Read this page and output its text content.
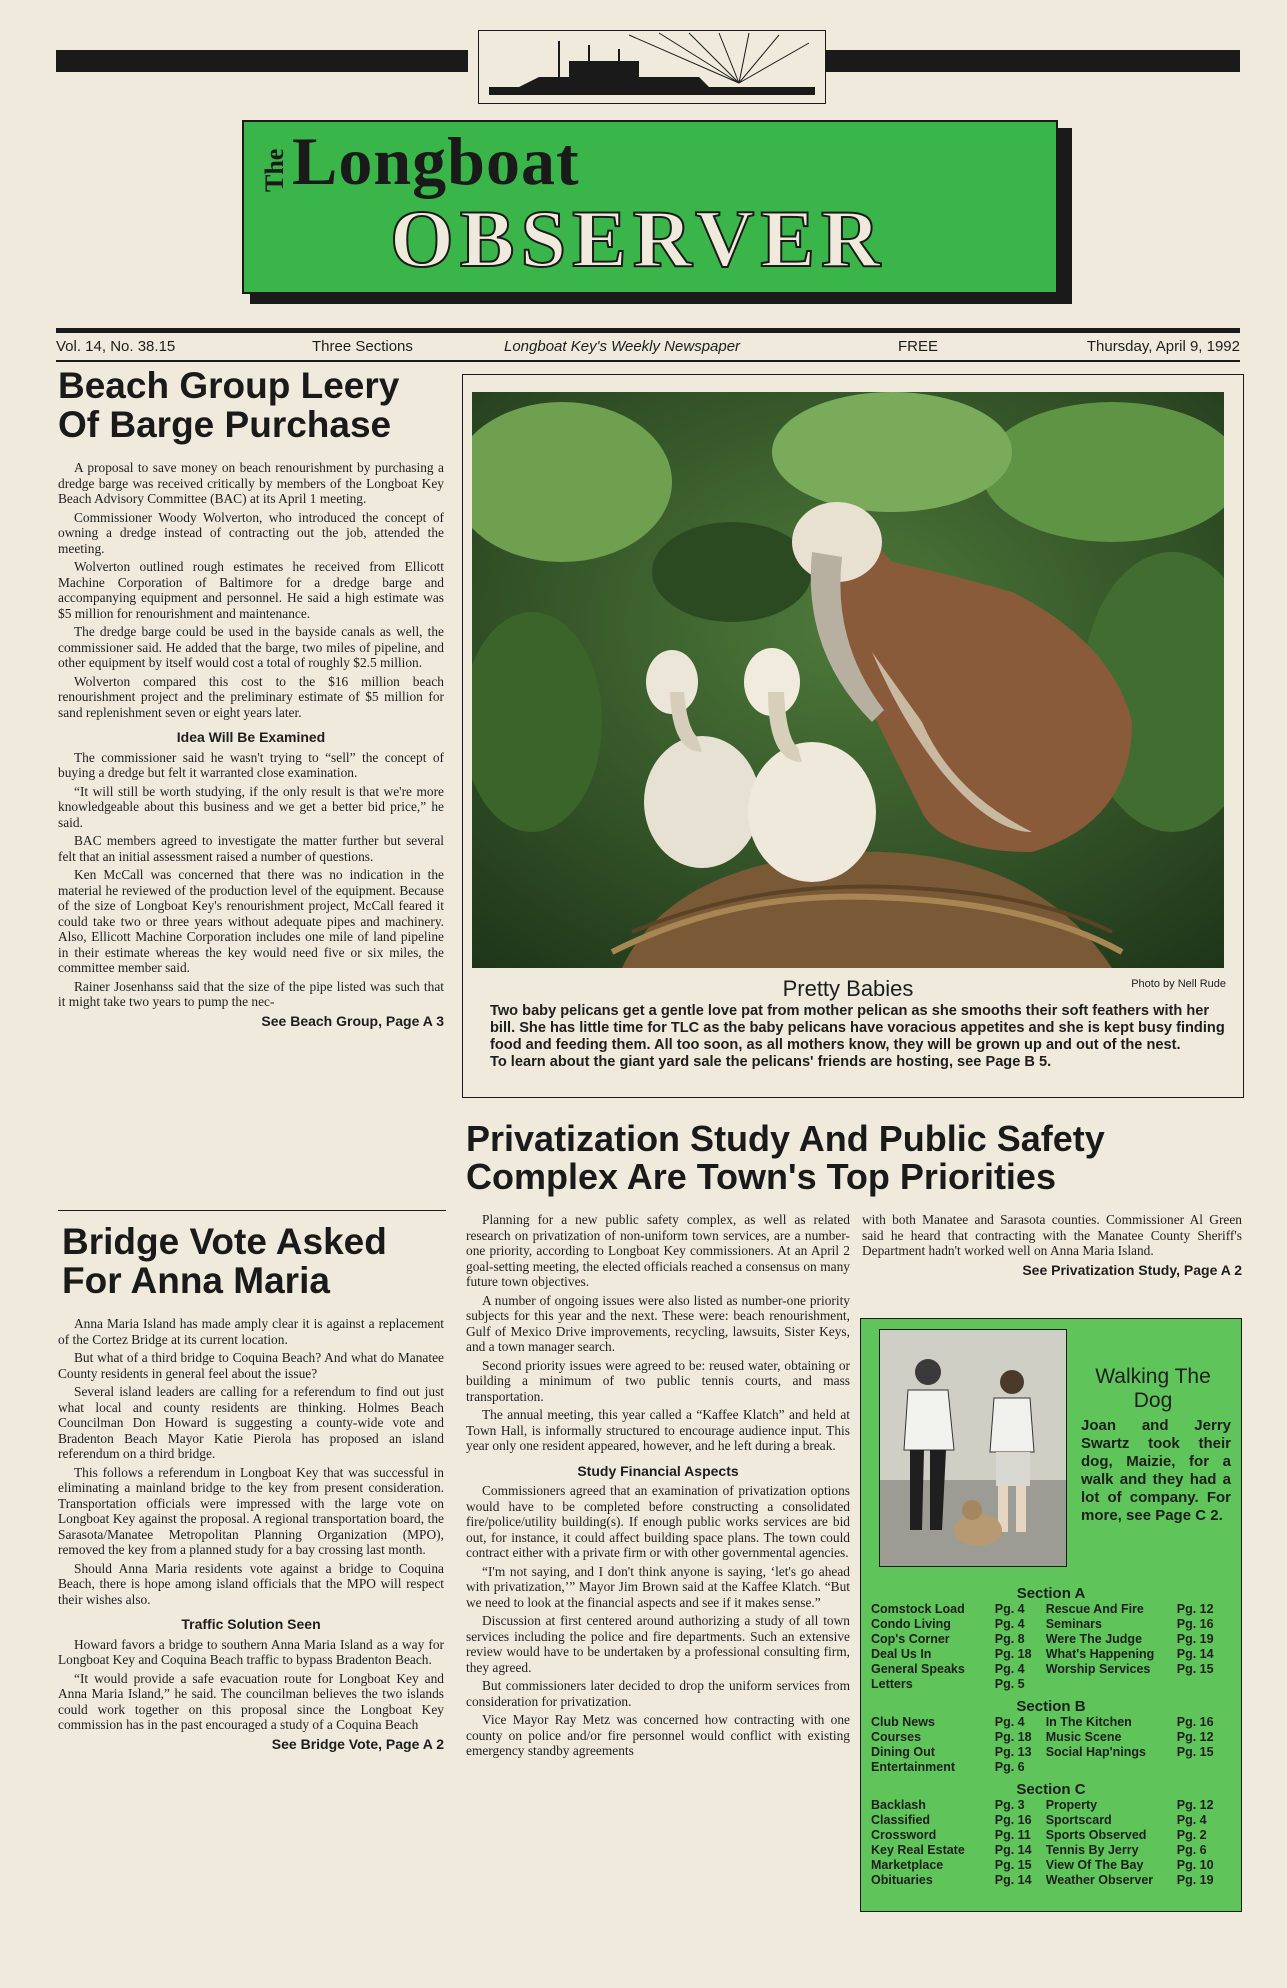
The Longboat
OBSERVER
Vol. 14, No. 38.15	Three Sections	Longboat Key's Weekly Newspaper	FREE	Thursday, April 9, 1992
Beach Group Leery
Of Barge Purchase

A proposal to save money on beach renourishment by purchasing a dredge barge was received critically by members of the Longboat Key Beach Advisory Committee (BAC) at its April 1 meeting.

Commissioner Woody Wolverton, who introduced the concept of owning a dredge instead of contracting out the job, attended the meeting.

Wolverton outlined rough estimates he received from Ellicott Machine Corporation of Baltimore for a dredge barge and accompanying equipment and personnel. He said a high estimate was $5 million for renourishment and maintenance.

The dredge barge could be used in the bayside canals as well, the commissioner said. He added that the barge, two miles of pipeline, and other equipment by itself would cost a total of roughly $2.5 million.

Wolverton compared this cost to the $16 million beach renourishment project and the preliminary estimate of $5 million for sand replenishment seven or eight years later.

Idea Will Be Examined

The commissioner said he wasn't trying to “sell” the concept of buying a dredge but felt it warranted close examination.

“It will still be worth studying, if the only result is that we're more knowledgeable about this business and we get a better bid price,” he said.

BAC members agreed to investigate the matter further but several felt that an initial assessment raised a number of questions.

Ken McCall was concerned that there was no indication in the material he reviewed of the production level of the equipment. Because of the size of Longboat Key's renourishment project, McCall feared it could take two or three years without adequate pipes and machinery. Also, Ellicott Machine Corporation includes one mile of land pipeline in their estimate whereas the key would need five or six miles, the committee member said.

Rainer Josenhanss said that the size of the pipe listed was such that it might take two years to pump the nec-

See Beach Group, Page A 3
Bridge Vote Asked
For Anna Maria

Anna Maria Island has made amply clear it is against a replacement of the Cortez Bridge at its current location.

But what of a third bridge to Coquina Beach? And what do Manatee County residents in general feel about the issue?

Several island leaders are calling for a referendum to find out just what local and county residents are thinking. Holmes Beach Councilman Don Howard is suggesting a county-wide vote and Bradenton Beach Mayor Katie Pierola has proposed an island referendum on a third bridge.

This follows a referendum in Longboat Key that was successful in eliminating a mainland bridge to the key from present consideration. Transportation officials were impressed with the large vote on Longboat Key against the proposal. A regional transportation board, the Sarasota/Manatee Metropolitan Planning Organization (MPO), removed the key from a planned study for a bay crossing last month.

Should Anna Maria residents vote against a bridge to Coquina Beach, there is hope among island officials that the MPO will respect their wishes also.

Traffic Solution Seen

Howard favors a bridge to southern Anna Maria Island as a way for Longboat Key and Coquina Beach traffic to bypass Bradenton Beach.

“It would provide a safe evacuation route for Longboat Key and Anna Maria Island,” he said. The councilman believes the two islands could work together on this proposal since the Longboat Key commission has in the past encouraged a study of a Coquina Beach

See Bridge Vote, Page A 2
Pretty Babies	Photo by Nell Rude
Two baby pelicans get a gentle love pat from mother pelican as she smooths their soft feathers with her bill. She has little time for TLC as the baby pelicans have voracious appetites and she is kept busy finding food and feeding them. All too soon, as all mothers know, they will be grown up and out of the nest.
To learn about the giant yard sale the pelicans' friends are hosting, see Page B 5.
Privatization Study And Public Safety
Complex Are Town's Top Priorities

Planning for a new public safety complex, as well as related research on privatization of non-uniform town services, are a number-one priority, according to Longboat Key commissioners. At an April 2 goal-setting meeting, the elected officials reached a consensus on many future town objectives.

A number of ongoing issues were also listed as number-one priority subjects for this year and the next. These were: beach renourishment, Gulf of Mexico Drive improvements, recycling, lawsuits, Sister Keys, and a town manager search.

Second priority issues were agreed to be: reused water, obtaining or building a minimum of two public tennis courts, and mass transportation.

The annual meeting, this year called a “Kaffee Klatch” and held at Town Hall, is informally structured to encourage audience input. This year only one resident appeared, however, and he left during a break.

Study Financial Aspects

Commissioners agreed that an examination of privatization options would have to be completed before constructing a consolidated fire/police/utility building(s). If enough public works services are bid out, for instance, it could affect building space plans. The town could contract either with a private firm or with other governmental agencies.

“I'm not saying, and I don't think anyone is saying, ‘let's go ahead with privatization,’” Mayor Jim Brown said at the Kaffee Klatch. “But we need to look at the financial aspects and see if it makes sense.”

Discussion at first centered around authorizing a study of all town services including the police and fire departments. Such an extensive review would have to be undertaken by a professional consulting firm, they agreed.

But commissioners later decided to drop the uniform services from consideration for privatization.

Vice Mayor Ray Metz was concerned how contracting with one county on police and/or fire personnel would conflict with existing emergency standby agreements

with both Manatee and Sarasota counties. Commissioner Al Green said he heard that contracting with the Manatee County Sheriff's Department hadn't worked well on Anna Maria Island.

See Privatization Study, Page A 2
Walking The
Dog
Joan and Jerry Swartz took their dog, Maizie, for a walk and they had a lot of company. For more, see Page C 2.
Section A
Comstock Load	Pg. 4	Rescue And Fire	Pg. 12
Condo Living	Pg. 4	Seminars	Pg. 16
Cop's Corner	Pg. 8	Were The Judge	Pg. 19
Deal Us In	Pg. 18	What's Happening	Pg. 14
General Speaks	Pg. 4	Worship Services	Pg. 15
Letters	Pg. 5		
Section B
Club News	Pg. 4	In The Kitchen	Pg. 16
Courses	Pg. 18	Music Scene	Pg. 12
Dining Out	Pg. 13	Social Hap'nings	Pg. 15
Entertainment	Pg. 6		
Section C
Backlash	Pg. 3	Property	Pg. 12
Classified	Pg. 16	Sportscard	Pg. 4
Crossword	Pg. 11	Sports Observed	Pg. 2
Key Real Estate	Pg. 14	Tennis By Jerry	Pg. 6
Marketplace	Pg. 15	View Of The Bay	Pg. 10
Obituaries	Pg. 14	Weather Observer	Pg. 19
